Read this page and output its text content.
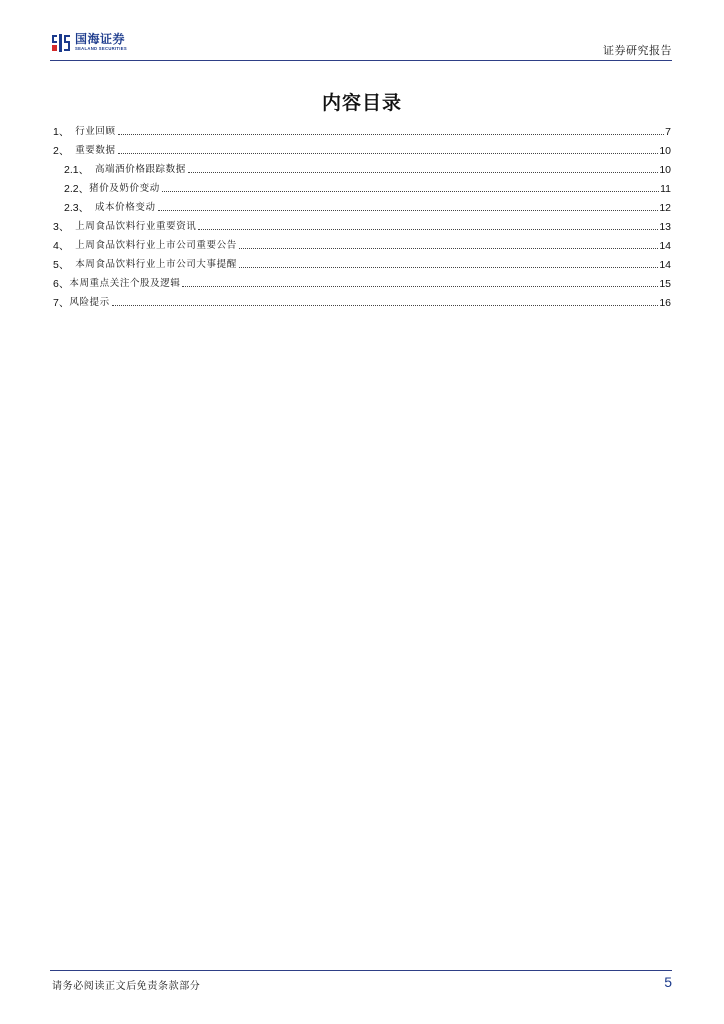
国海证券
SEALAND SECURITIES	证券研究报告
内容目录
1、 行业回顾	7
2、 重要数据	10
2.1、 高端酒价格跟踪数据	10
2.2、 猪价及奶价变动	11
2.3、 成本价格变动	12
3、 上周食品饮料行业重要资讯	13
4、 上周食品饮料行业上市公司重要公告	14
5、 本周食品饮料行业上市公司大事提醒	14
6、 本周重点关注个股及逻辑	15
7、 风险提示	16
请务必阅读正文后免责条款部分	5
